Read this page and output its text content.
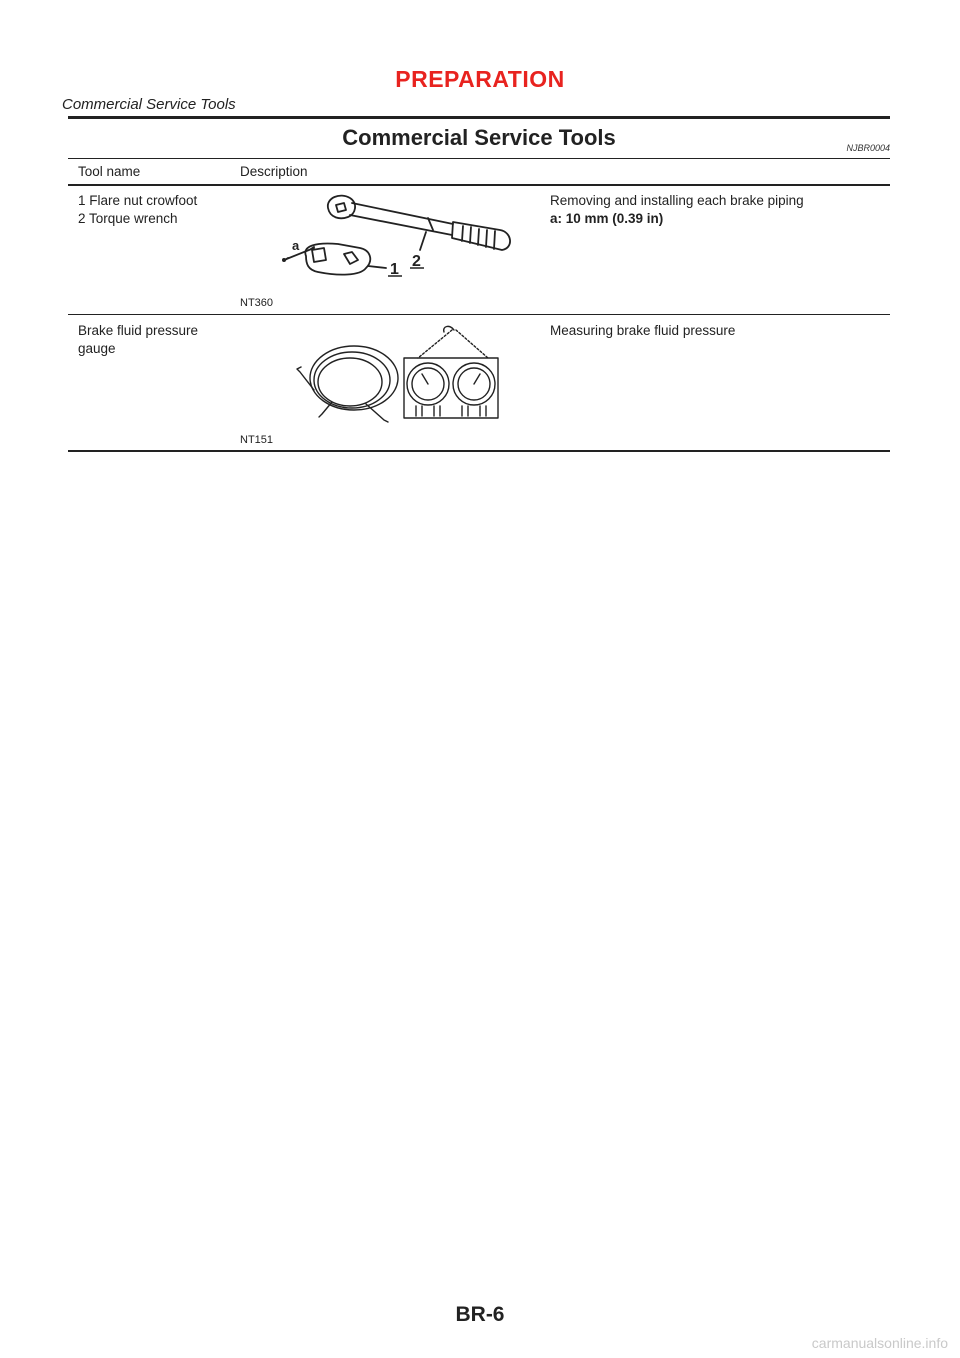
PREPARATION
Commercial Service Tools
Commercial Service Tools	NJBR0004
Tool name	Description
1 Flare nut crowfoot
2 Torque wrench
a
1 2
NT360
Removing and installing each brake piping
a: 10 mm (0.39 in)
Brake fluid pressure
gauge
NT151
Measuring brake fluid pressure
BR-6
carmanualsonline.info
